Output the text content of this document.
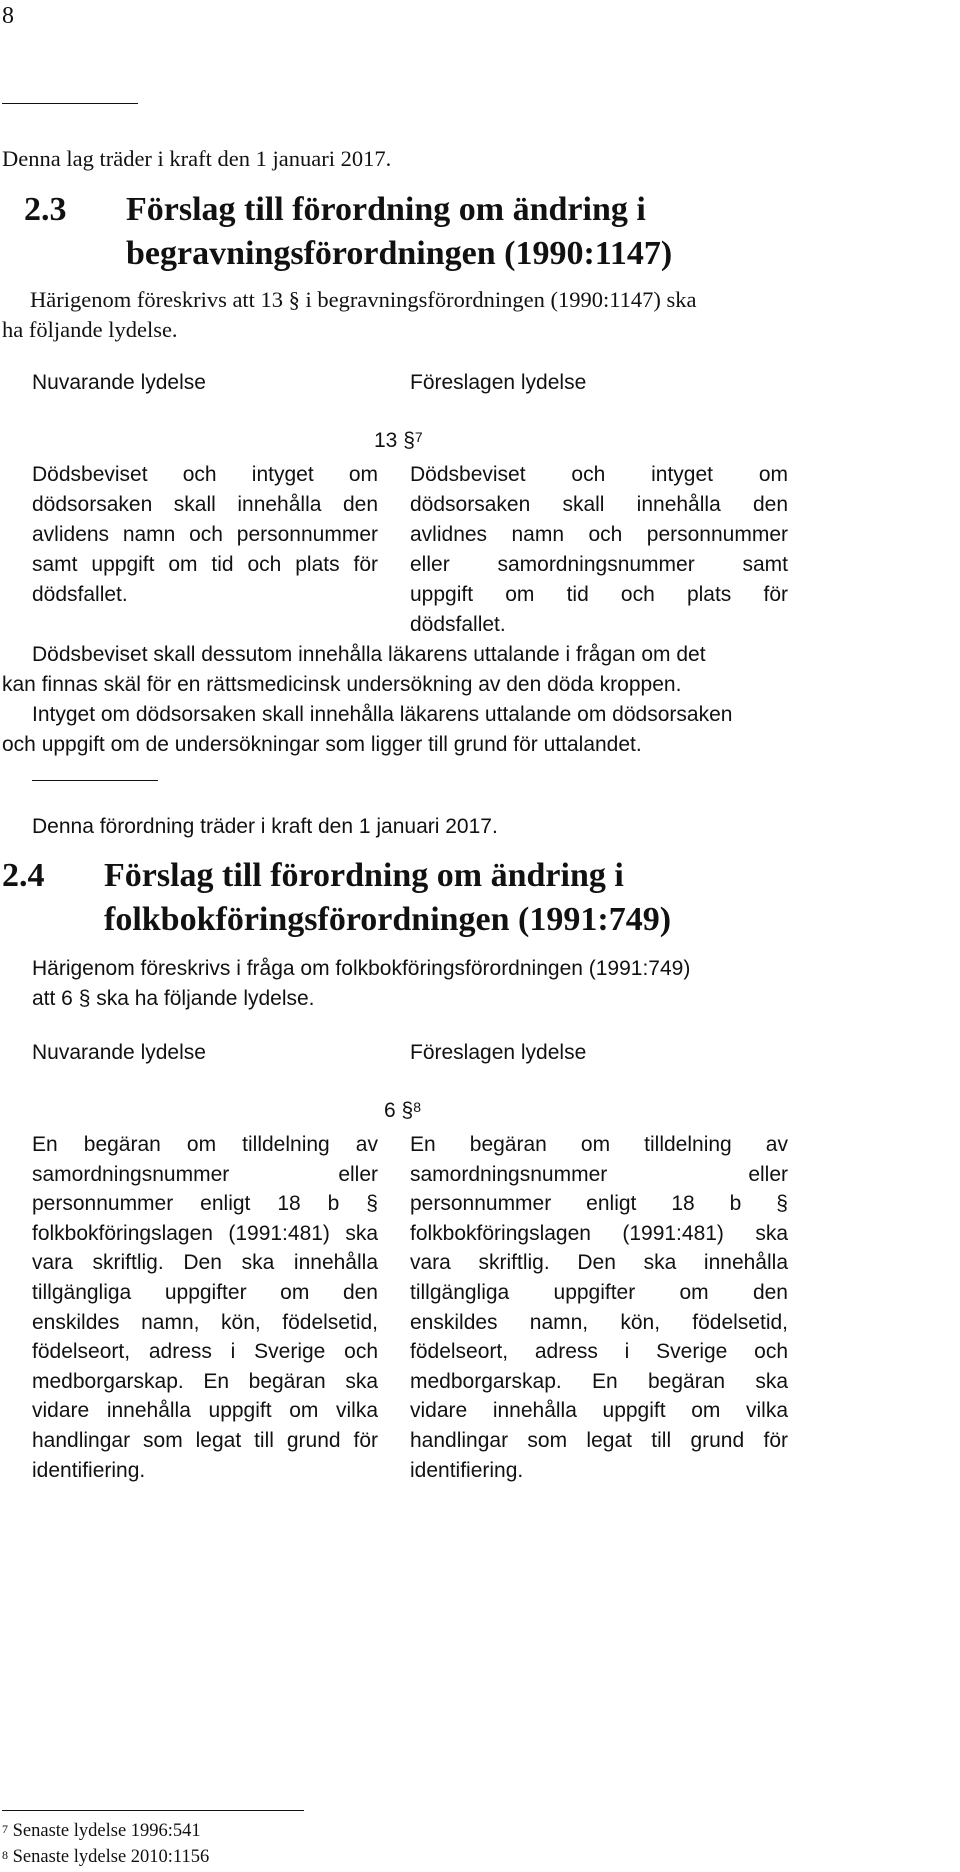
8
Denna lag träder i kraft den 1 januari 2017.
2.3 Förslag till förordning om ändring i
begravningsförordningen (1990:1147)
Härigenom föreskrivs att 13 § i begravningsförordningen (1990:1147) ska
ha följande lydelse.
Nuvarande lydelse	Föreslagen lydelse
13 §$^7$
Dödsbeviset och intyget om
dödsorsaken skall innehålla den
avlidens namn och personnummer
samt uppgift om tid och plats för
dödsfallet.
Dödsbeviset och intyget om
dödsorsaken skall innehålla den
avlidnes namn och personnummer
eller samordningsnummer samt
uppgift om tid och plats för
dödsfallet.
Dödsbeviset skall dessutom innehålla läkarens uttalande i frågan om det
kan finnas skäl för en rättsmedicinsk undersökning av den döda kroppen.
Intyget om dödsorsaken skall innehålla läkarens uttalande om dödsorsaken
och uppgift om de undersökningar som ligger till grund för uttalandet.
Denna förordning träder i kraft den 1 januari 2017.
2.4 Förslag till förordning om ändring i
folkbokföringsförordningen (1991:749)
Härigenom föreskrivs i fråga om folkbokföringsförordningen (1991:749)
att 6 § ska ha följande lydelse.
Nuvarande lydelse	Föreslagen lydelse
6 §$^8$
En begäran om tilldelning av
samordningsnummer eller
personnummer enligt 18 b §
folkbokföringslagen (1991:481) ska
vara skriftlig. Den ska innehålla
tillgängliga uppgifter om den
enskildes namn, kön, födelsetid,
födelseort, adress i Sverige och
medborgarskap. En begäran ska
vidare innehålla uppgift om vilka
handlingar som legat till grund för
identifiering.
En begäran om tilldelning av
samordningsnummer eller
personnummer enligt 18 b §
folkbokföringslagen (1991:481) ska
vara skriftlig. Den ska innehålla
tillgängliga uppgifter om den
enskildes namn, kön, födelsetid,
födelseort, adress i Sverige och
medborgarskap. En begäran ska
vidare innehålla uppgift om vilka
handlingar som legat till grund för
identifiering.
$^7$ Senaste lydelse 1996:541
$^8$ Senaste lydelse 2010:1156
